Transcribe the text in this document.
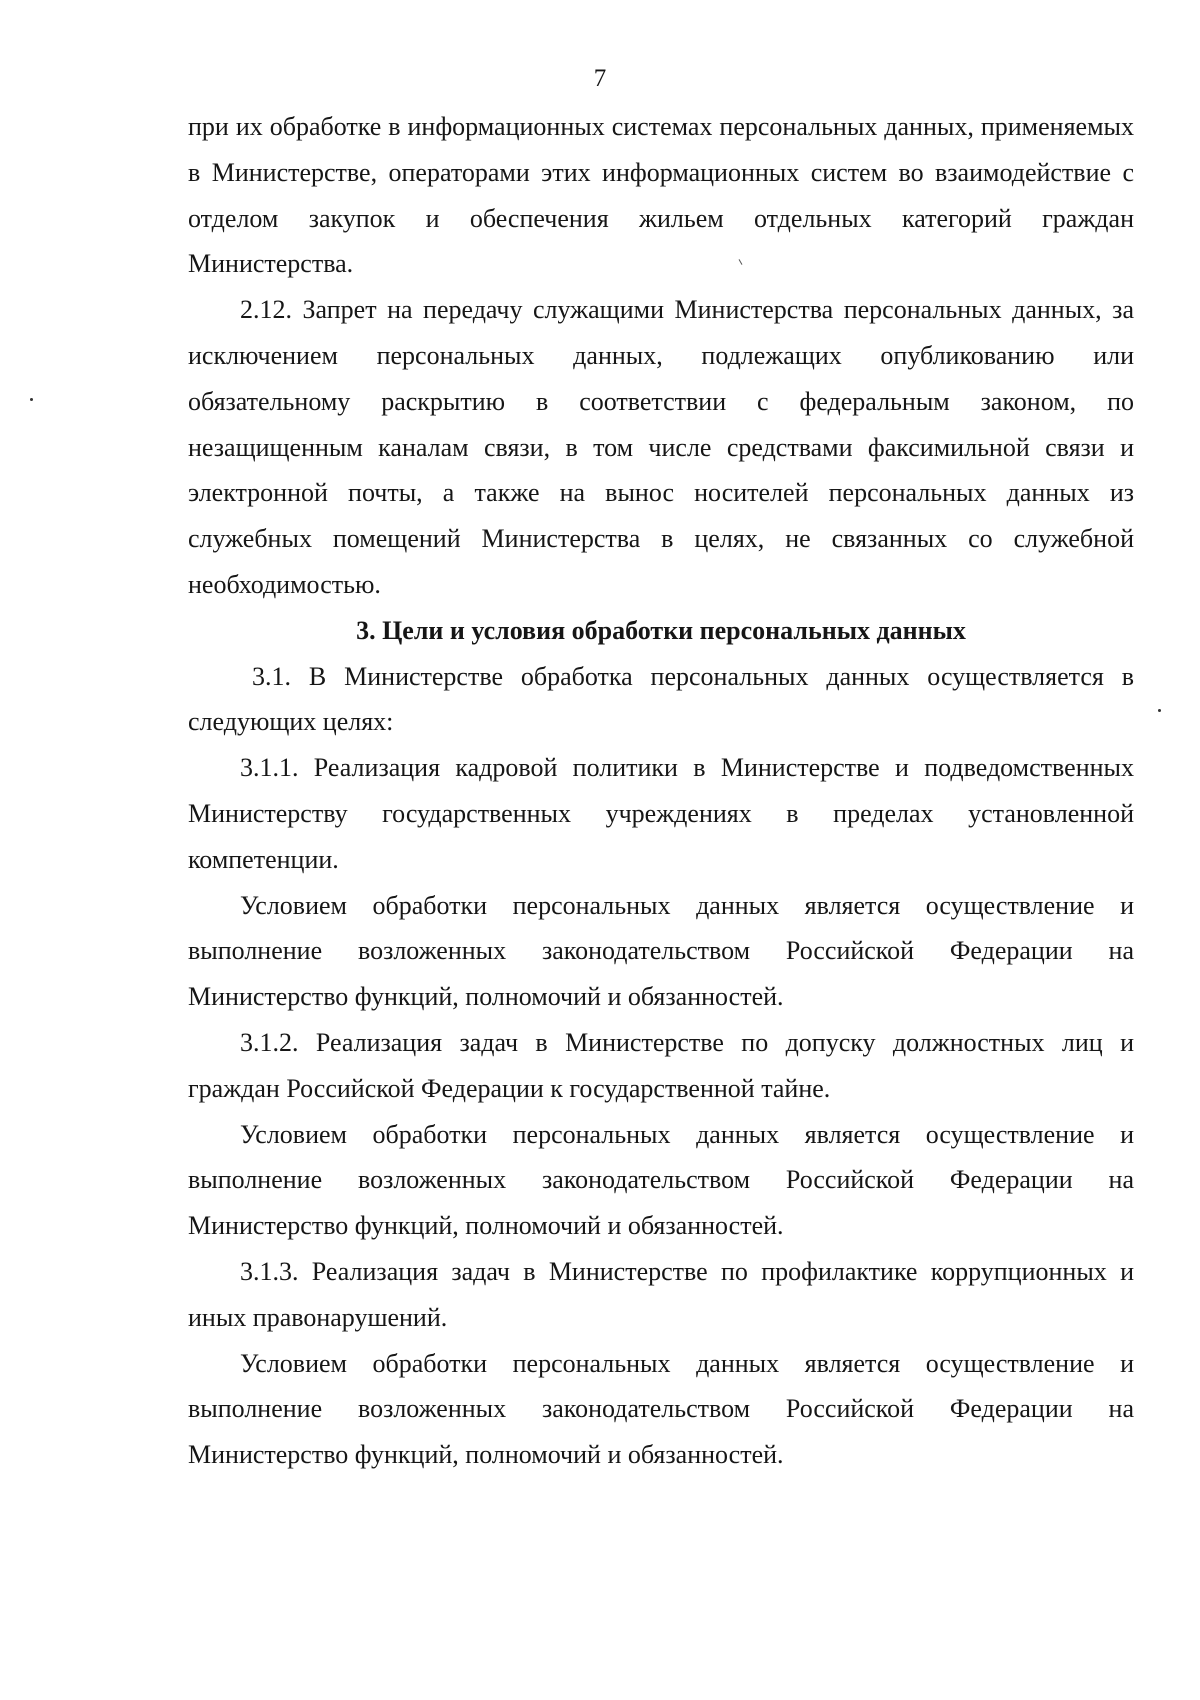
7

при их обработке в информационных системах персональных данных, применяемых в Министерстве, операторами этих информационных систем во взаимодействие с отделом закупок и обеспечения жильем отдельных категорий граждан Министерства.

2.12. Запрет на передачу служащими Министерства персональных данных, за исключением персональных данных, подлежащих опубликованию или обязательному раскрытию в соответствии с федеральным законом, по незащищенным каналам связи, в том числе средствами факсимильной связи и электронной почты, а также на вынос носителей персональных данных из служебных помещений Министерства в целях, не связанных со служебной необходимостью.

3. Цели и условия обработки персональных данных

3.1. В Министерстве обработка персональных данных осуществляется в следующих целях:

3.1.1. Реализация кадровой политики в Министерстве и подведомственных Министерству государственных учреждениях в пределах установленной компетенции.

Условием обработки персональных данных является осуществление и выполнение возложенных законодательством Российской Федерации на Министерство функций, полномочий и обязанностей.

3.1.2. Реализация задач в Министерстве по допуску должностных лиц и граждан Российской Федерации к государственной тайне.

Условием обработки персональных данных является осуществление и выполнение возложенных законодательством Российской Федерации на Министерство функций, полномочий и обязанностей.

3.1.3. Реализация задач в Министерстве по профилактике коррупционных и иных правонарушений.

Условием обработки персональных данных является осуществление и выполнение возложенных законодательством Российской Федерации на Министерство функций, полномочий и обязанностей.
